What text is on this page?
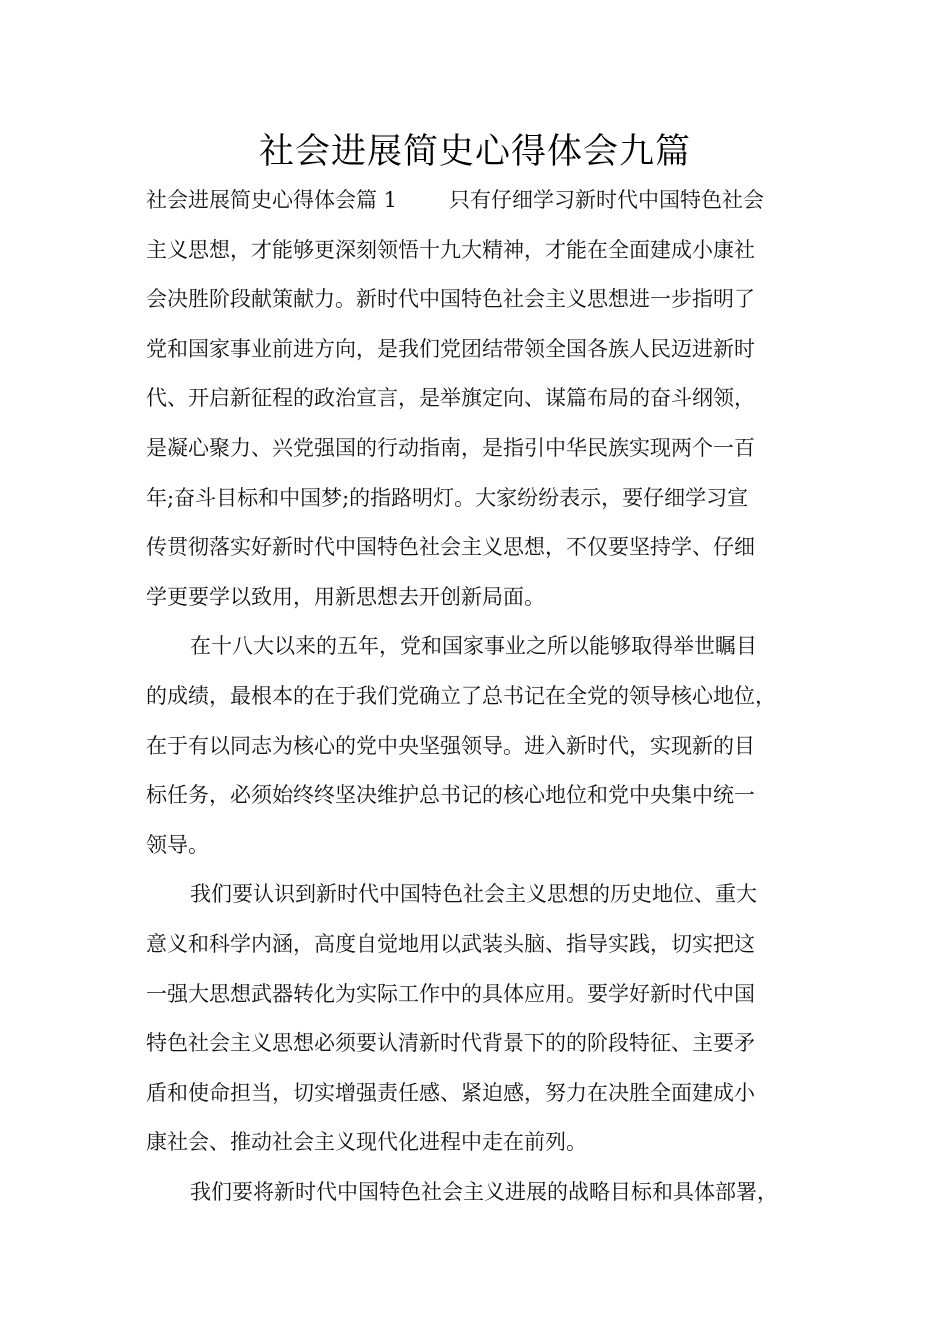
社会进展简史心得体会九篇
社会进展简史心得体会篇 1 只有仔细学习新时代中国特色社会
主义思想，才能够更深刻领悟十九大精神，才能在全面建成小康社
会决胜阶段献策献力。新时代中国特色社会主义思想进一步指明了
党和国家事业前进方向，是我们党团结带领全国各族人民迈进新时
代、开启新征程的政治宣言，是举旗定向、谋篇布局的奋斗纲领，
是凝心聚力、兴党强国的行动指南，是指引中华民族实现两个一百
年;奋斗目标和中国梦;的指路明灯。大家纷纷表示，要仔细学习宣
传贯彻落实好新时代中国特色社会主义思想，不仅要坚持学、仔细
学更要学以致用，用新思想去开创新局面。
在十八大以来的五年，党和国家事业之所以能够取得举世瞩目
的成绩，最根本的在于我们党确立了总书记在全党的领导核心地位，
在于有以同志为核心的党中央坚强领导。进入新时代，实现新的目
标任务，必须始终终坚决维护总书记的核心地位和党中央集中统一
领导。
我们要认识到新时代中国特色社会主义思想的历史地位、重大
意义和科学内涵，高度自觉地用以武装头脑、指导实践，切实把这
一强大思想武器转化为实际工作中的具体应用。要学好新时代中国
特色社会主义思想必须要认清新时代背景下的的阶段特征、主要矛
盾和使命担当，切实增强责任感、紧迫感，努力在决胜全面建成小
康社会、推动社会主义现代化进程中走在前列。
我们要将新时代中国特色社会主义进展的战略目标和具体部署，
